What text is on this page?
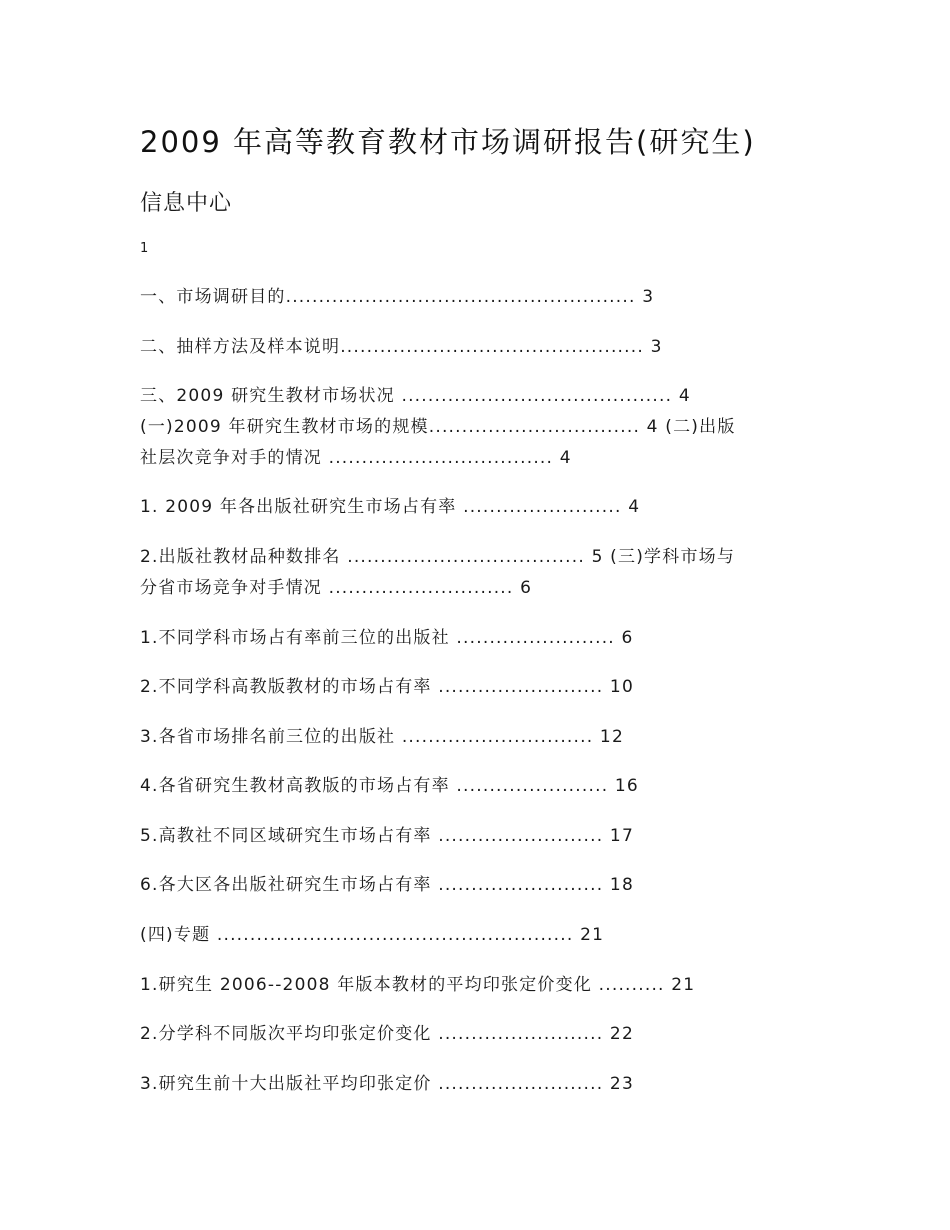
2009 年高等教育教材市场调研报告(研究生)
信息中心
1
一、市场调研目的..................................................... 3
二、抽样方法及样本说明.............................................. 3
三、2009 研究生教材市场状况 ......................................... 4
(一)2009 年研究生教材市场的规模................................ 4 (二)出版
社层次竞争对手的情况 .................................. 4
1. 2009 年各出版社研究生市场占有率 ........................ 4
2.出版社教材品种数排名 .................................... 5 (三)学科市场与
分省市场竞争对手情况 ............................ 6
1.不同学科市场占有率前三位的出版社 ........................ 6
2.不同学科高教版教材的市场占有率 ......................... 10
3.各省市场排名前三位的出版社 ............................. 12
4.各省研究生教材高教版的市场占有率 ....................... 16
5.高教社不同区域研究生市场占有率 ......................... 17
6.各大区各出版社研究生市场占有率 ......................... 18
(四)专题 ...................................................... 21
1.研究生 2006--2008 年版本教材的平均印张定价变化 .......... 21
2.分学科不同版次平均印张定价变化 ......................... 22
3.研究生前十大出版社平均印张定价 ......................... 23
